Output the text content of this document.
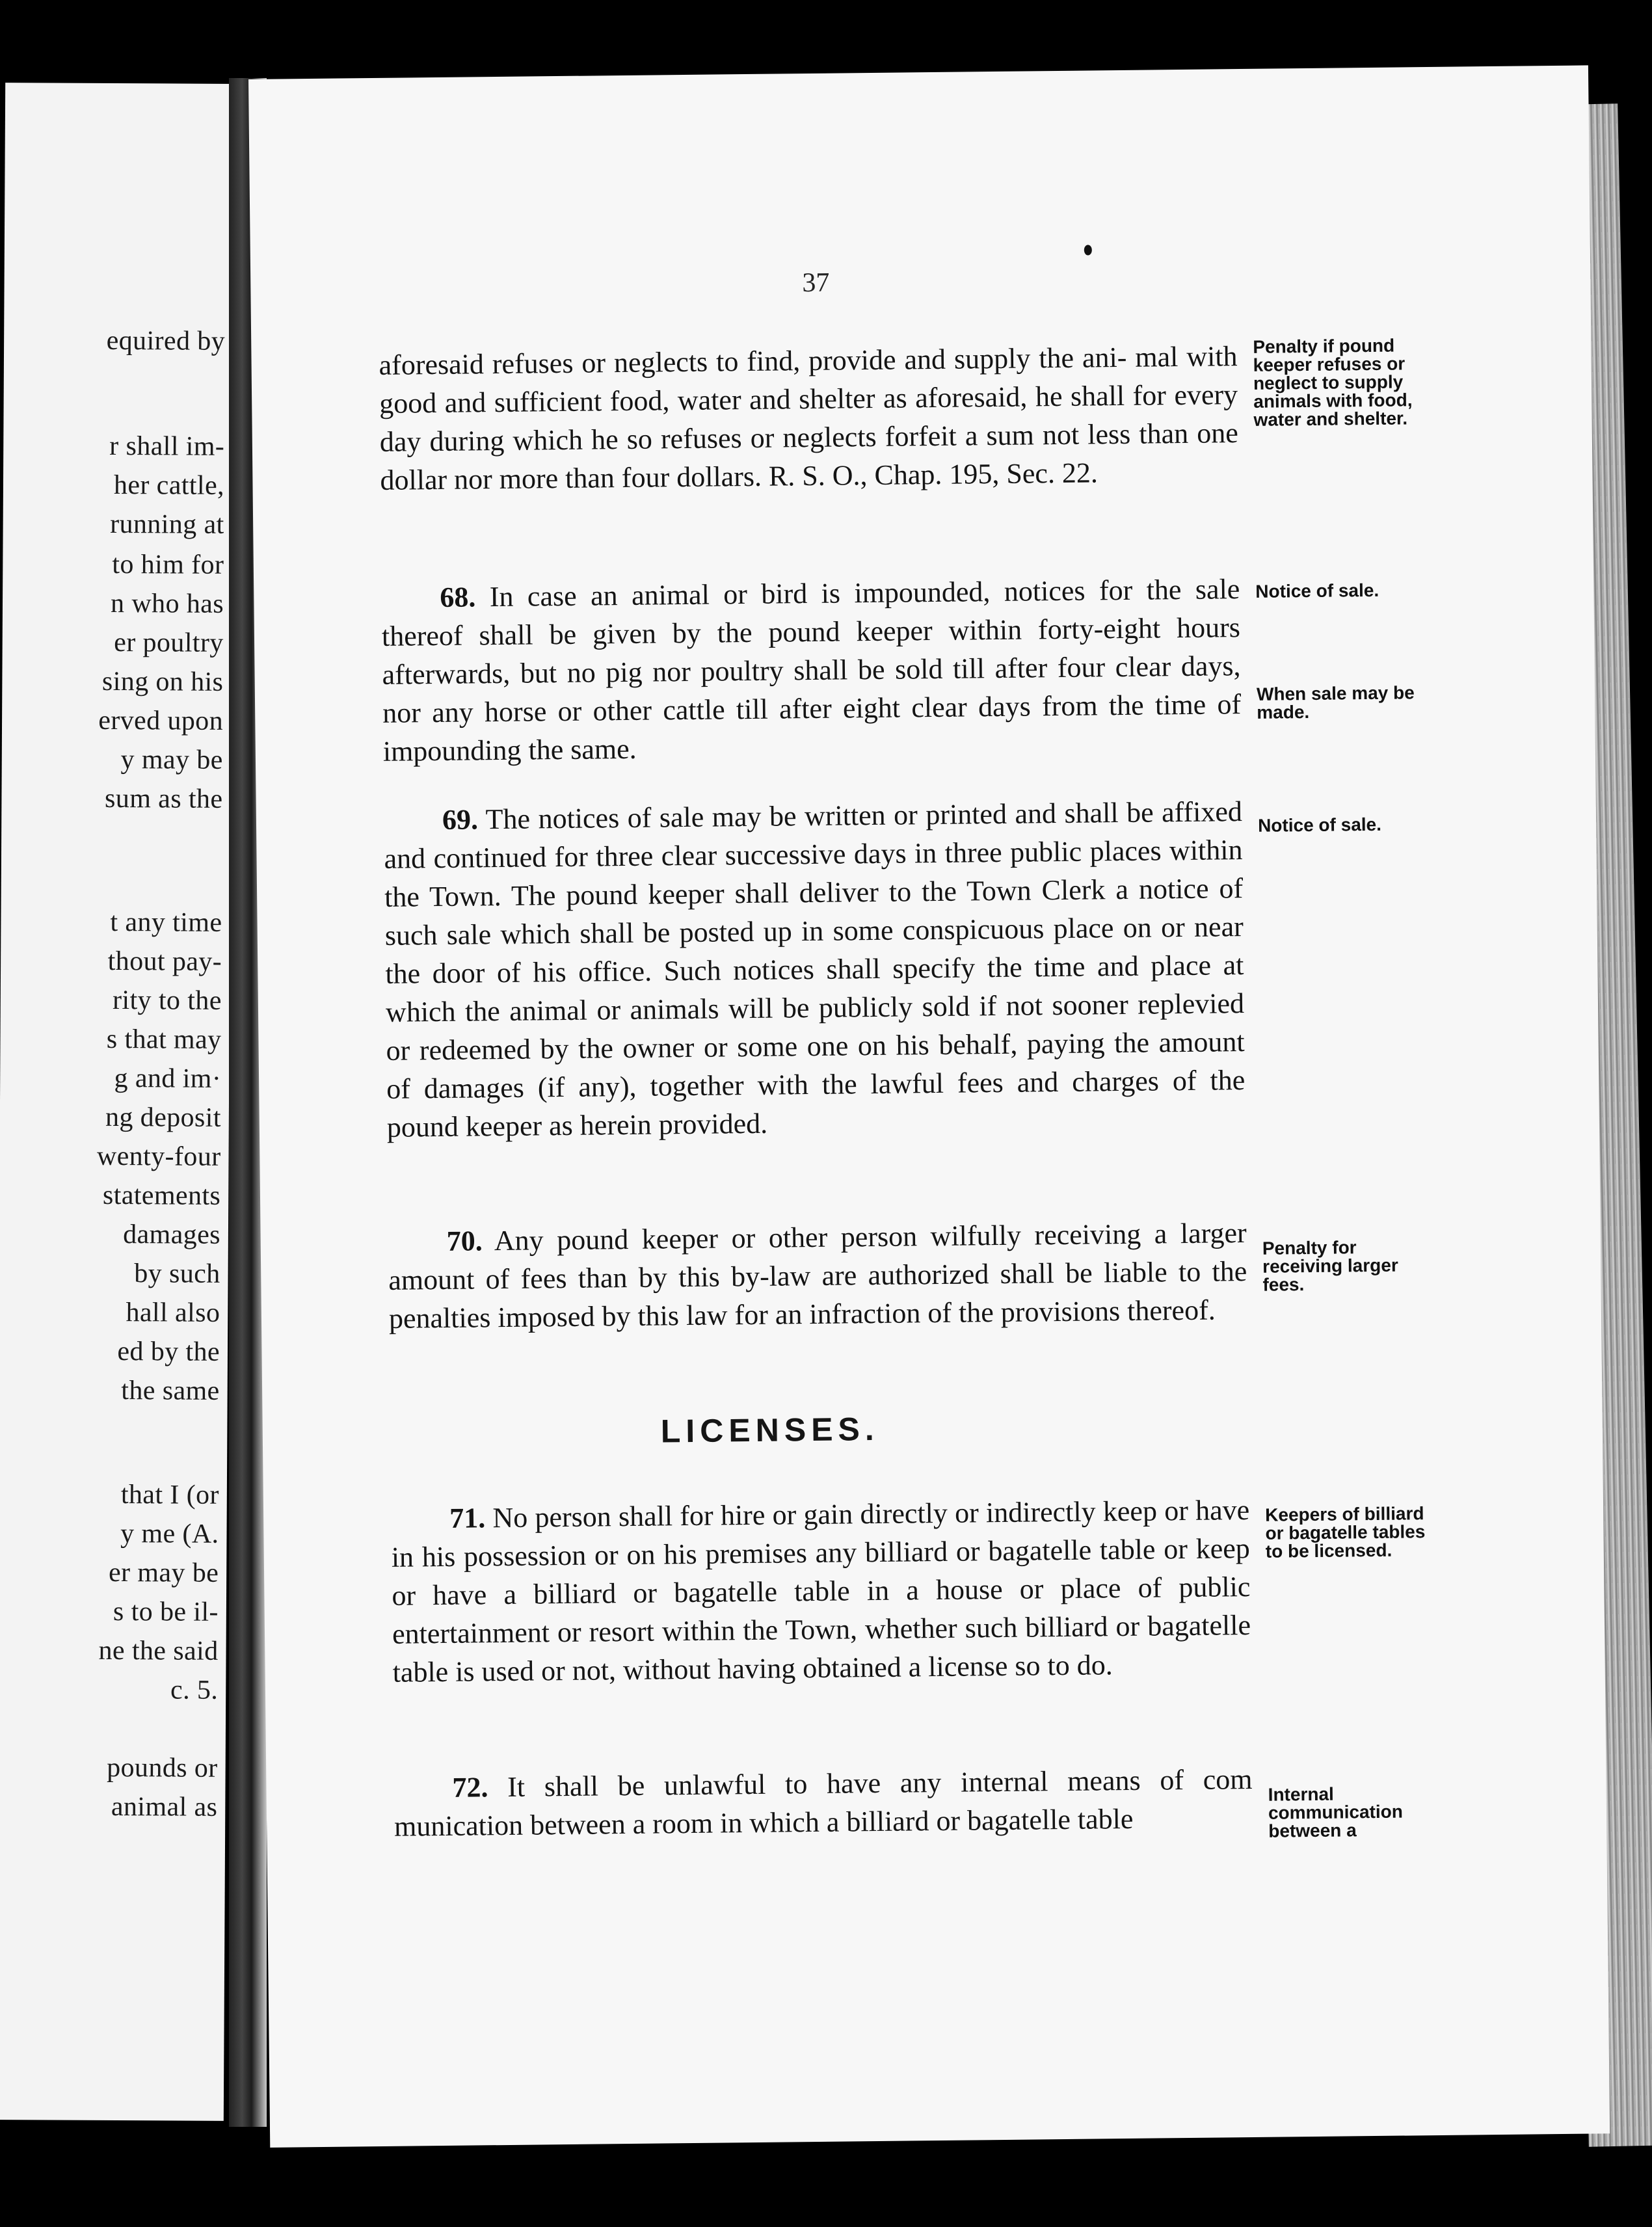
equired by
r shall im-
her cattle,
running at
to him for
n who has
er poultry
sing on his
erved upon
y may be
sum as the
t any time
thout pay-
rity to the
s that may
g and im·
ng deposit
wenty-four
statements
damages
by such
hall also
ed by the
the same
that I (or
y me (A.
er may be
s to be il-
ne the said
c. 5.
pounds or
animal as
37
aforesaid refuses or neglects to find, provide and supply the ani- mal with good and sufficient food, water and shelter as aforesaid, he shall for every day during which he so refuses or neglects forfeit a sum not less than one dollar nor more than four dollars. R. S. O., Chap. 195, Sec. 22.
Penalty if pound keeper refuses or neglect to supply animals with food, water and shelter.
68. In case an animal or bird is impounded, notices for the sale thereof shall be given by the pound keeper within forty-eight hours afterwards, but no pig nor poultry shall be sold till after four clear days, nor any horse or other cattle till after eight clear days from the time of impounding the same.
Notice of sale.
When sale may be made.
69. The notices of sale may be written or printed and shall be affixed and continued for three clear successive days in three public places within the Town. The pound keeper shall deliver to the Town Clerk a notice of such sale which shall be posted up in some conspicuous place on or near the door of his office. Such notices shall specify the time and place at which the animal or animals will be publicly sold if not sooner replevied or redeemed by the owner or some one on his behalf, paying the amount of damages (if any), together with the lawful fees and charges of the pound keeper as herein provided.
Notice of sale.
70. Any pound keeper or other person wilfully receiving a larger amount of fees than by this by-law are authorized shall be liable to the penalties imposed by this law for an infraction of the provisions thereof.
Penalty for receiving larger fees.
LICENSES.
71. No person shall for hire or gain directly or indirectly keep or have in his possession or on his premises any billiard or bagatelle table or keep or have a billiard or bagatelle table in a house or place of public entertainment or resort within the Town, whether such billiard or bagatelle table is used or not, without having obtained a license so to do.
Keepers of billiard or bagatelle tables to be licensed.
72. It shall be unlawful to have any internal means of com munication between a room in which a billiard or bagatelle table
Internal communication between a
